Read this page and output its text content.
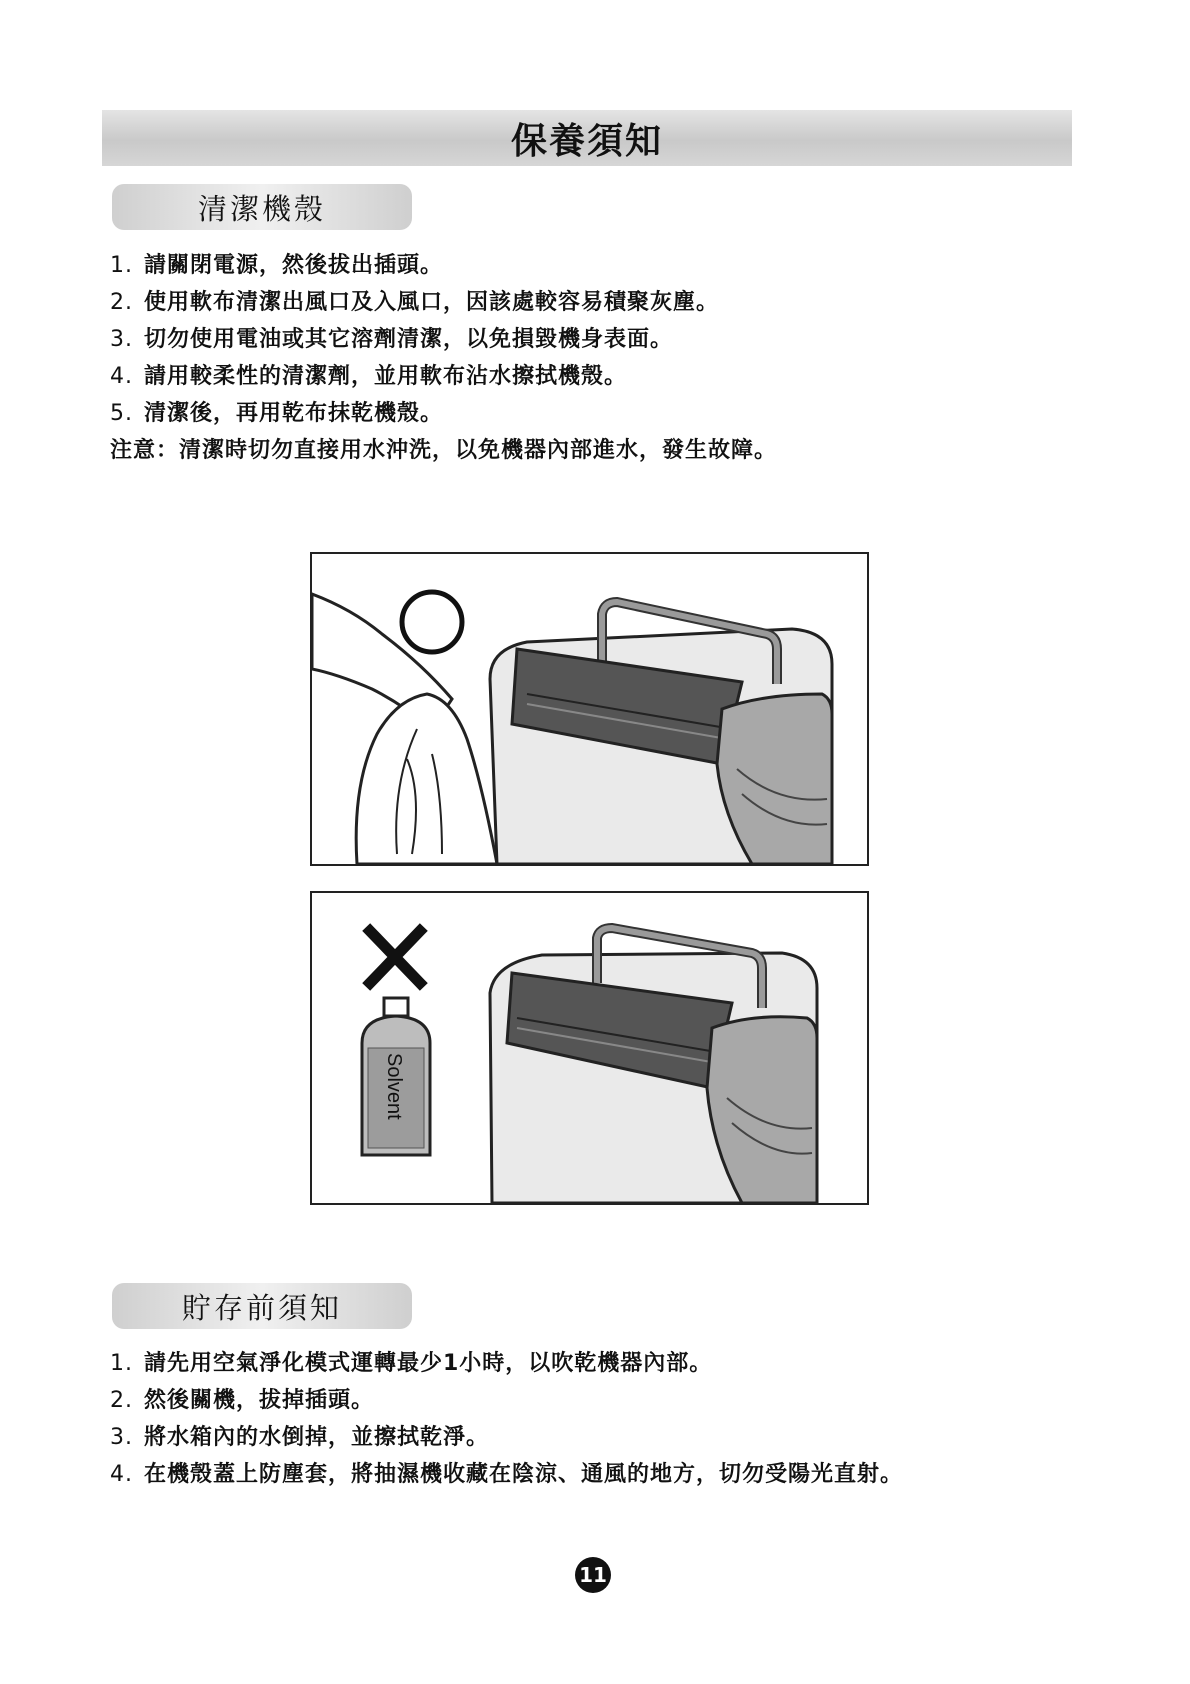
保養須知
清潔機殼
1. 請關閉電源，然後拔出插頭。
2. 使用軟布清潔出風口及入風口，因該處較容易積聚灰塵。
3. 切勿使用電油或其它溶劑清潔，以免損毀機身表面。
4. 請用較柔性的清潔劑，並用軟布沾水擦拭機殼。
5. 清潔後，再用乾布抹乾機殼。
注意：清潔時切勿直接用水沖洗，以免機器內部進水，發生故障。
Solvent
貯存前須知
1. 請先用空氣淨化模式運轉最少1小時，以吹乾機器內部。
2. 然後關機，拔掉插頭。
3. 將水箱內的水倒掉，並擦拭乾淨。
4. 在機殼蓋上防塵套，將抽濕機收藏在陰涼、通風的地方，切勿受陽光直射。
11
